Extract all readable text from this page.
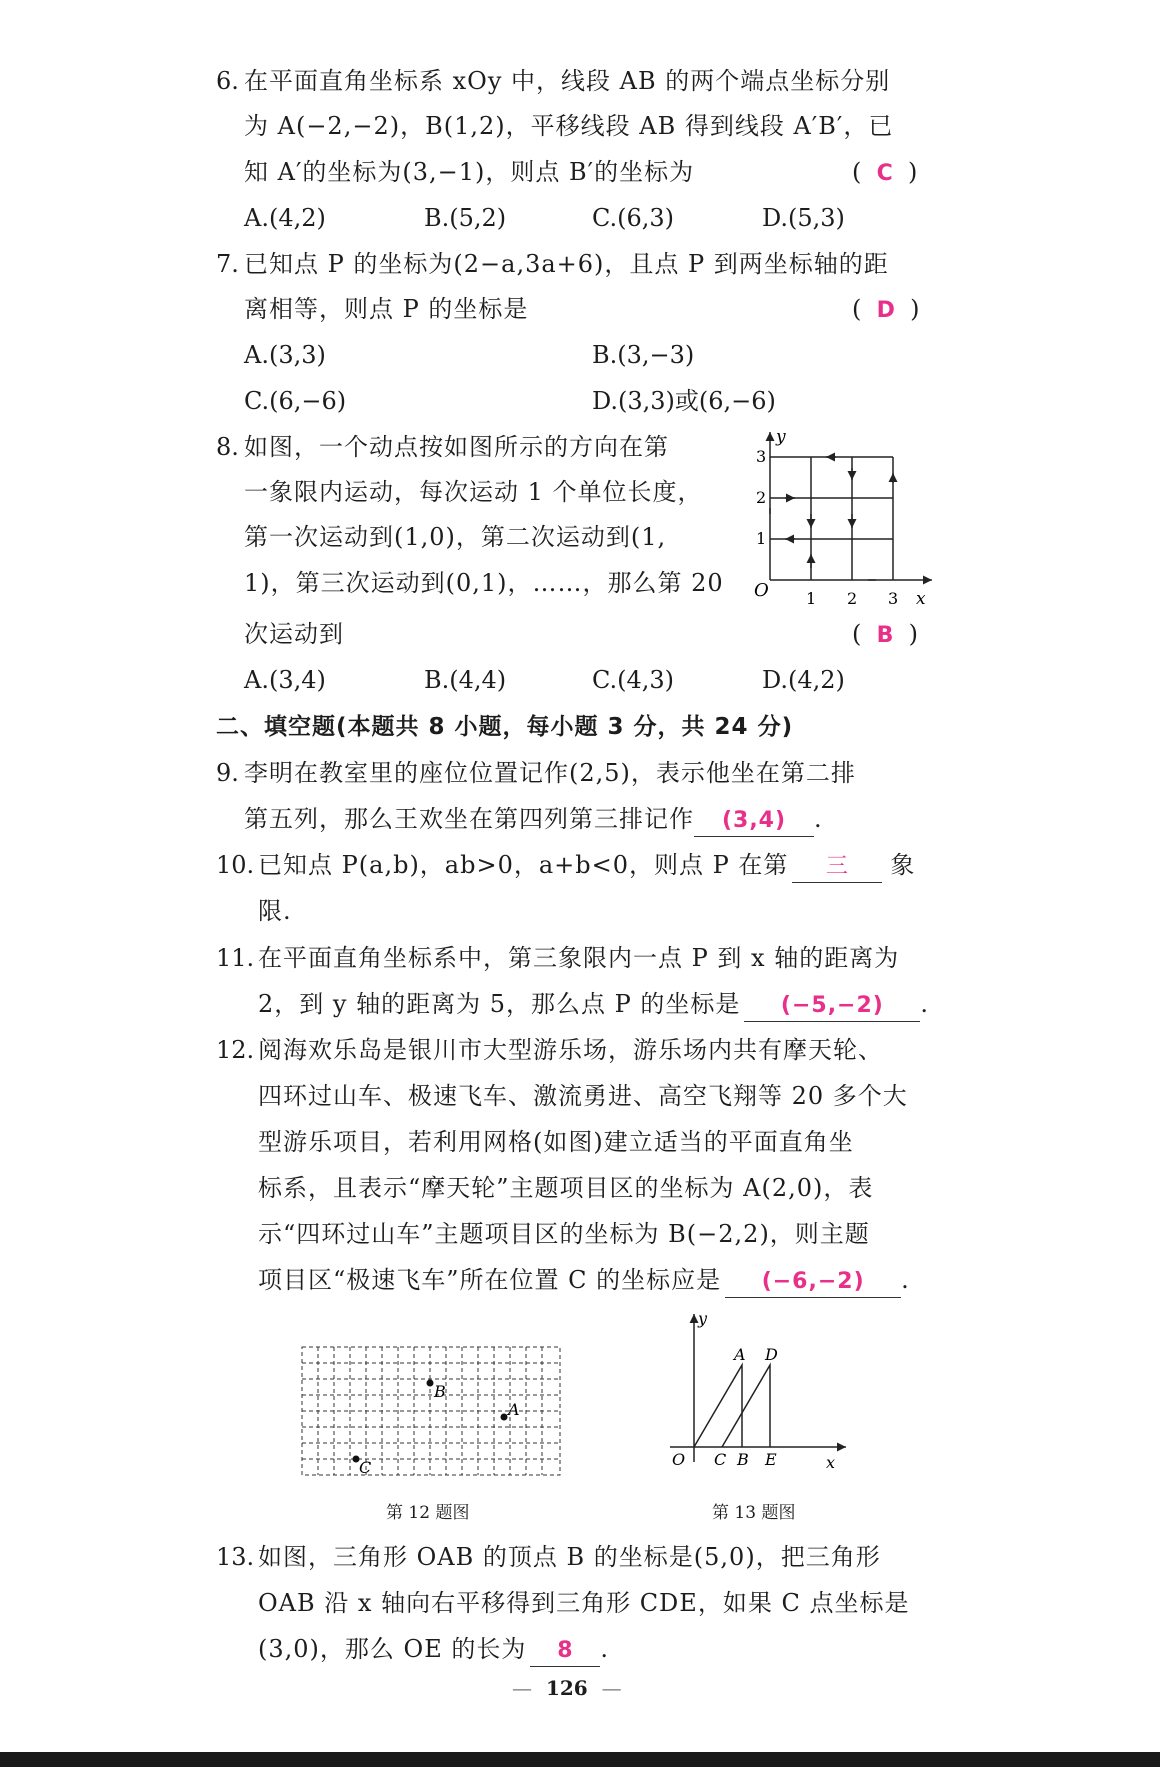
6. 在平面直角坐标系 xOy 中，线段 AB 的两个端点坐标分别
为 A(−2,−2)，B(1,2)，平移线段 AB 得到线段 A′B′，已
知 A′的坐标为(3,−1)，则点 B′的坐标为	(  C  )
A.(4,2)	B.(5,2)	C.(6,3)	D.(5,3)
7. 已知点 P 的坐标为(2−a,3a+6)，且点 P 到两坐标轴的距
离相等，则点 P 的坐标是	(  D  )
A.(3,3)	B.(3,−3)
C.(6,−6)	D.(3,3)或(6,−6)
8. 如图，一个动点按如图所示的方向在第
一象限内运动，每次运动 1 个单位长度，
第一次运动到(1,0)，第二次运动到(1,
1)，第三次运动到(0,1)，……，那么第 20
次运动到	(  B  )
O 1 2 3 x
1
2
3
y
A.(3,4)	B.(4,4)	C.(4,3)	D.(4,2)
二、填空题(本题共 8 小题，每小题 3 分，共 24 分)
9. 李明在教室里的座位位置记作(2,5)，表示他坐在第二排
第五列，那么王欢坐在第四列第三排记作 (3,4) .
10. 已知点 P(a,b)，ab>0，a+b<0，则点 P 在第 三 象
限.
11. 在平面直角坐标系中，第三象限内一点 P 到 x 轴的距离为
2，到 y 轴的距离为 5，那么点 P 的坐标是 (−5,−2) .
12. 阅海欢乐岛是银川市大型游乐场，游乐场内共有摩天轮、
四环过山车、极速飞车、激流勇进、高空飞翔等 20 多个大
型游乐项目，若利用网格(如图)建立适当的平面直角坐
标系，且表示“摩天轮”主题项目区的坐标为 A(2,0)，表
示“四环过山车”主题项目区的坐标为 B(−2,2)，则主题
项目区“极速飞车”所在位置 C 的坐标应是 (−6,−2) .
B
A
C
第 12 题图
y
O
A D
C B E	x
第 13 题图
13. 如图，三角形 OAB 的顶点 B 的坐标是(5,0)，把三角形
OAB 沿 x 轴向右平移得到三角形 CDE，如果 C 点坐标是
(3,0)，那么 OE 的长为 8 .
— 126 —
